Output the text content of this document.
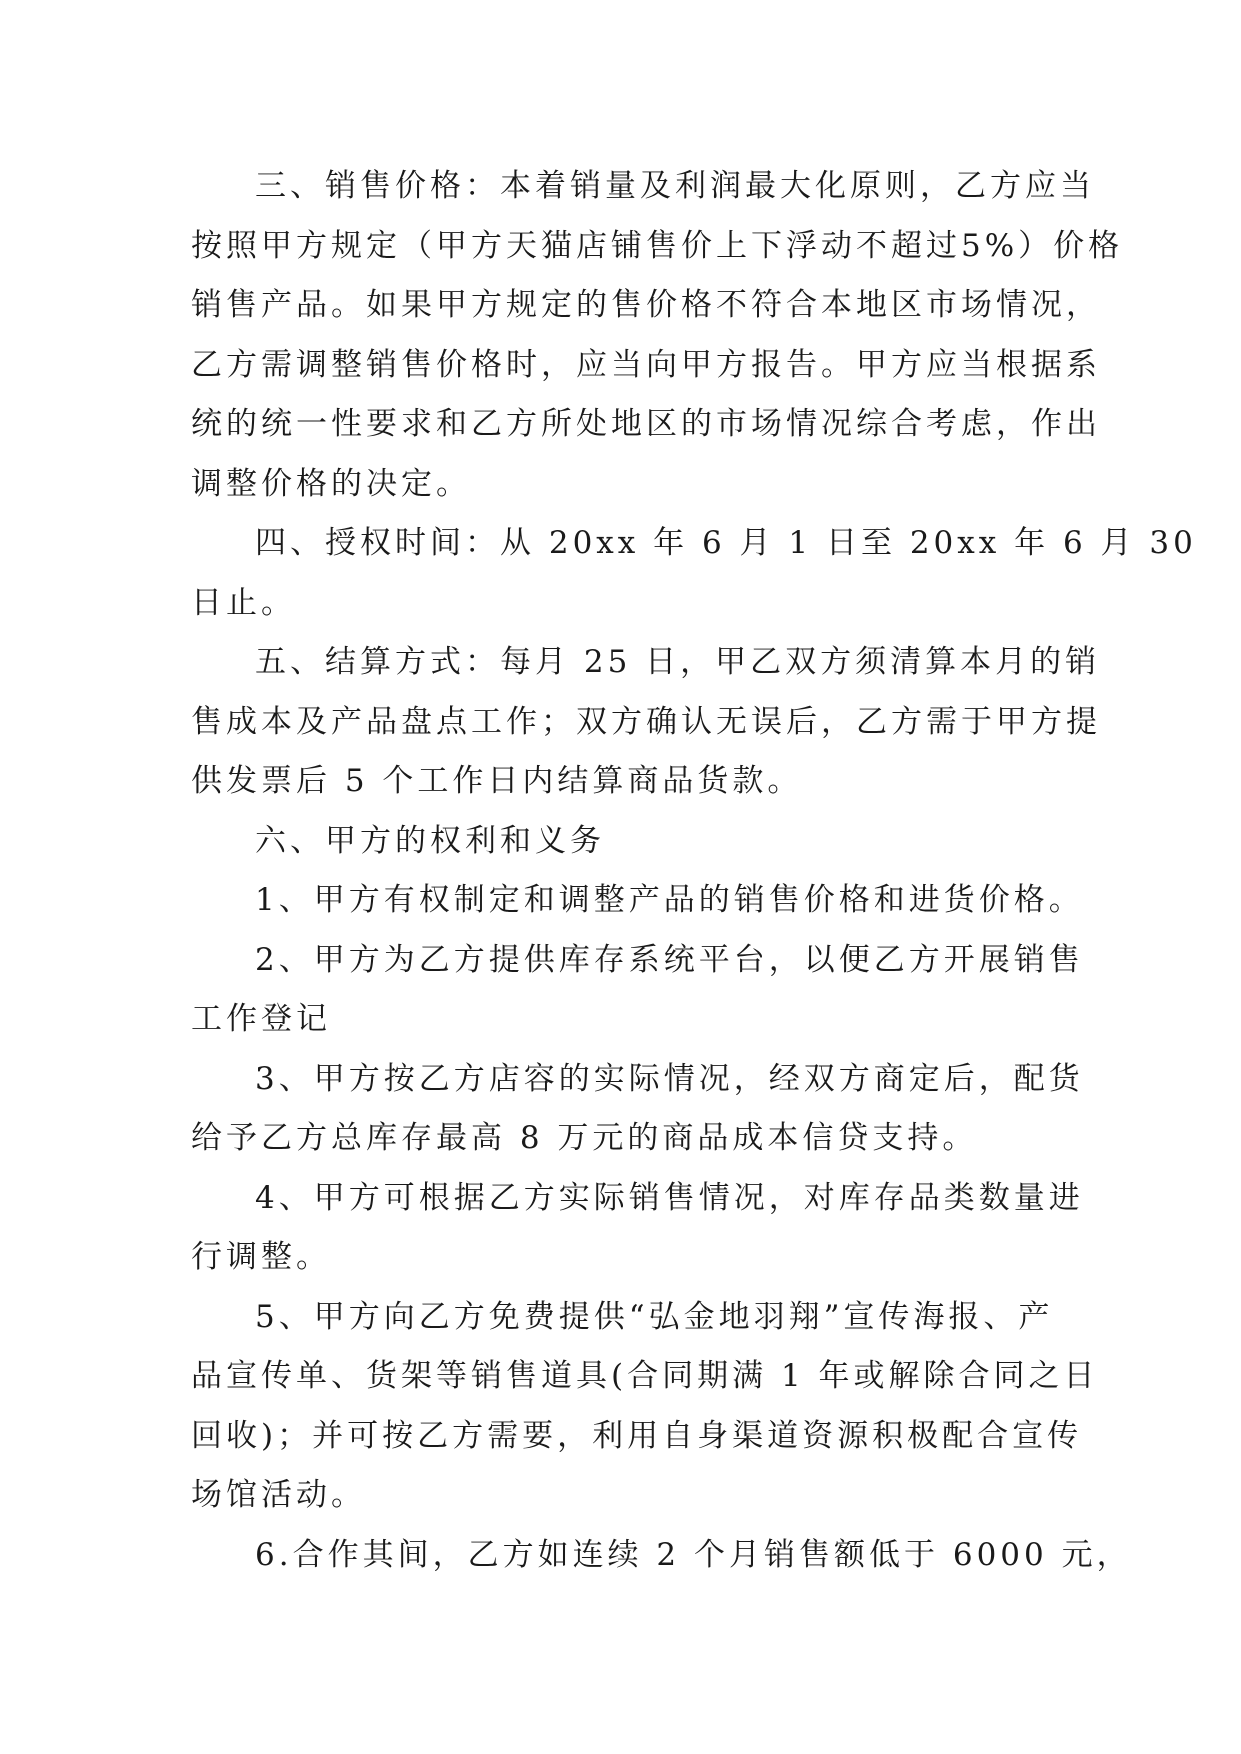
三、销售价格：本着销量及利润最大化原则，乙方应当
按照甲方规定（甲方天猫店铺售价上下浮动不超过5%）价格
销售产品。如果甲方规定的售价格不符合本地区市场情况，
乙方需调整销售价格时，应当向甲方报告。甲方应当根据系
统的统一性要求和乙方所处地区的市场情况综合考虑，作出
调整价格的决定。
四、授权时间：从 20xx 年 6 月 1 日至 20xx 年 6 月 30
日止。
五、结算方式：每月 25 日，甲乙双方须清算本月的销
售成本及产品盘点工作；双方确认无误后，乙方需于甲方提
供发票后 5 个工作日内结算商品货款。
六、甲方的权利和义务
1、甲方有权制定和调整产品的销售价格和进货价格。
2、甲方为乙方提供库存系统平台，以便乙方开展销售
工作登记
3、甲方按乙方店容的实际情况，经双方商定后，配货
给予乙方总库存最高 8 万元的商品成本信贷支持。
4、甲方可根据乙方实际销售情况，对库存品类数量进
行调整。
5、甲方向乙方免费提供“弘金地羽翔”宣传海报、产
品宣传单、货架等销售道具(合同期满 1 年或解除合同之日
回收)；并可按乙方需要，利用自身渠道资源积极配合宣传
场馆活动。
6.合作其间，乙方如连续 2 个月销售额低于 6000 元，
